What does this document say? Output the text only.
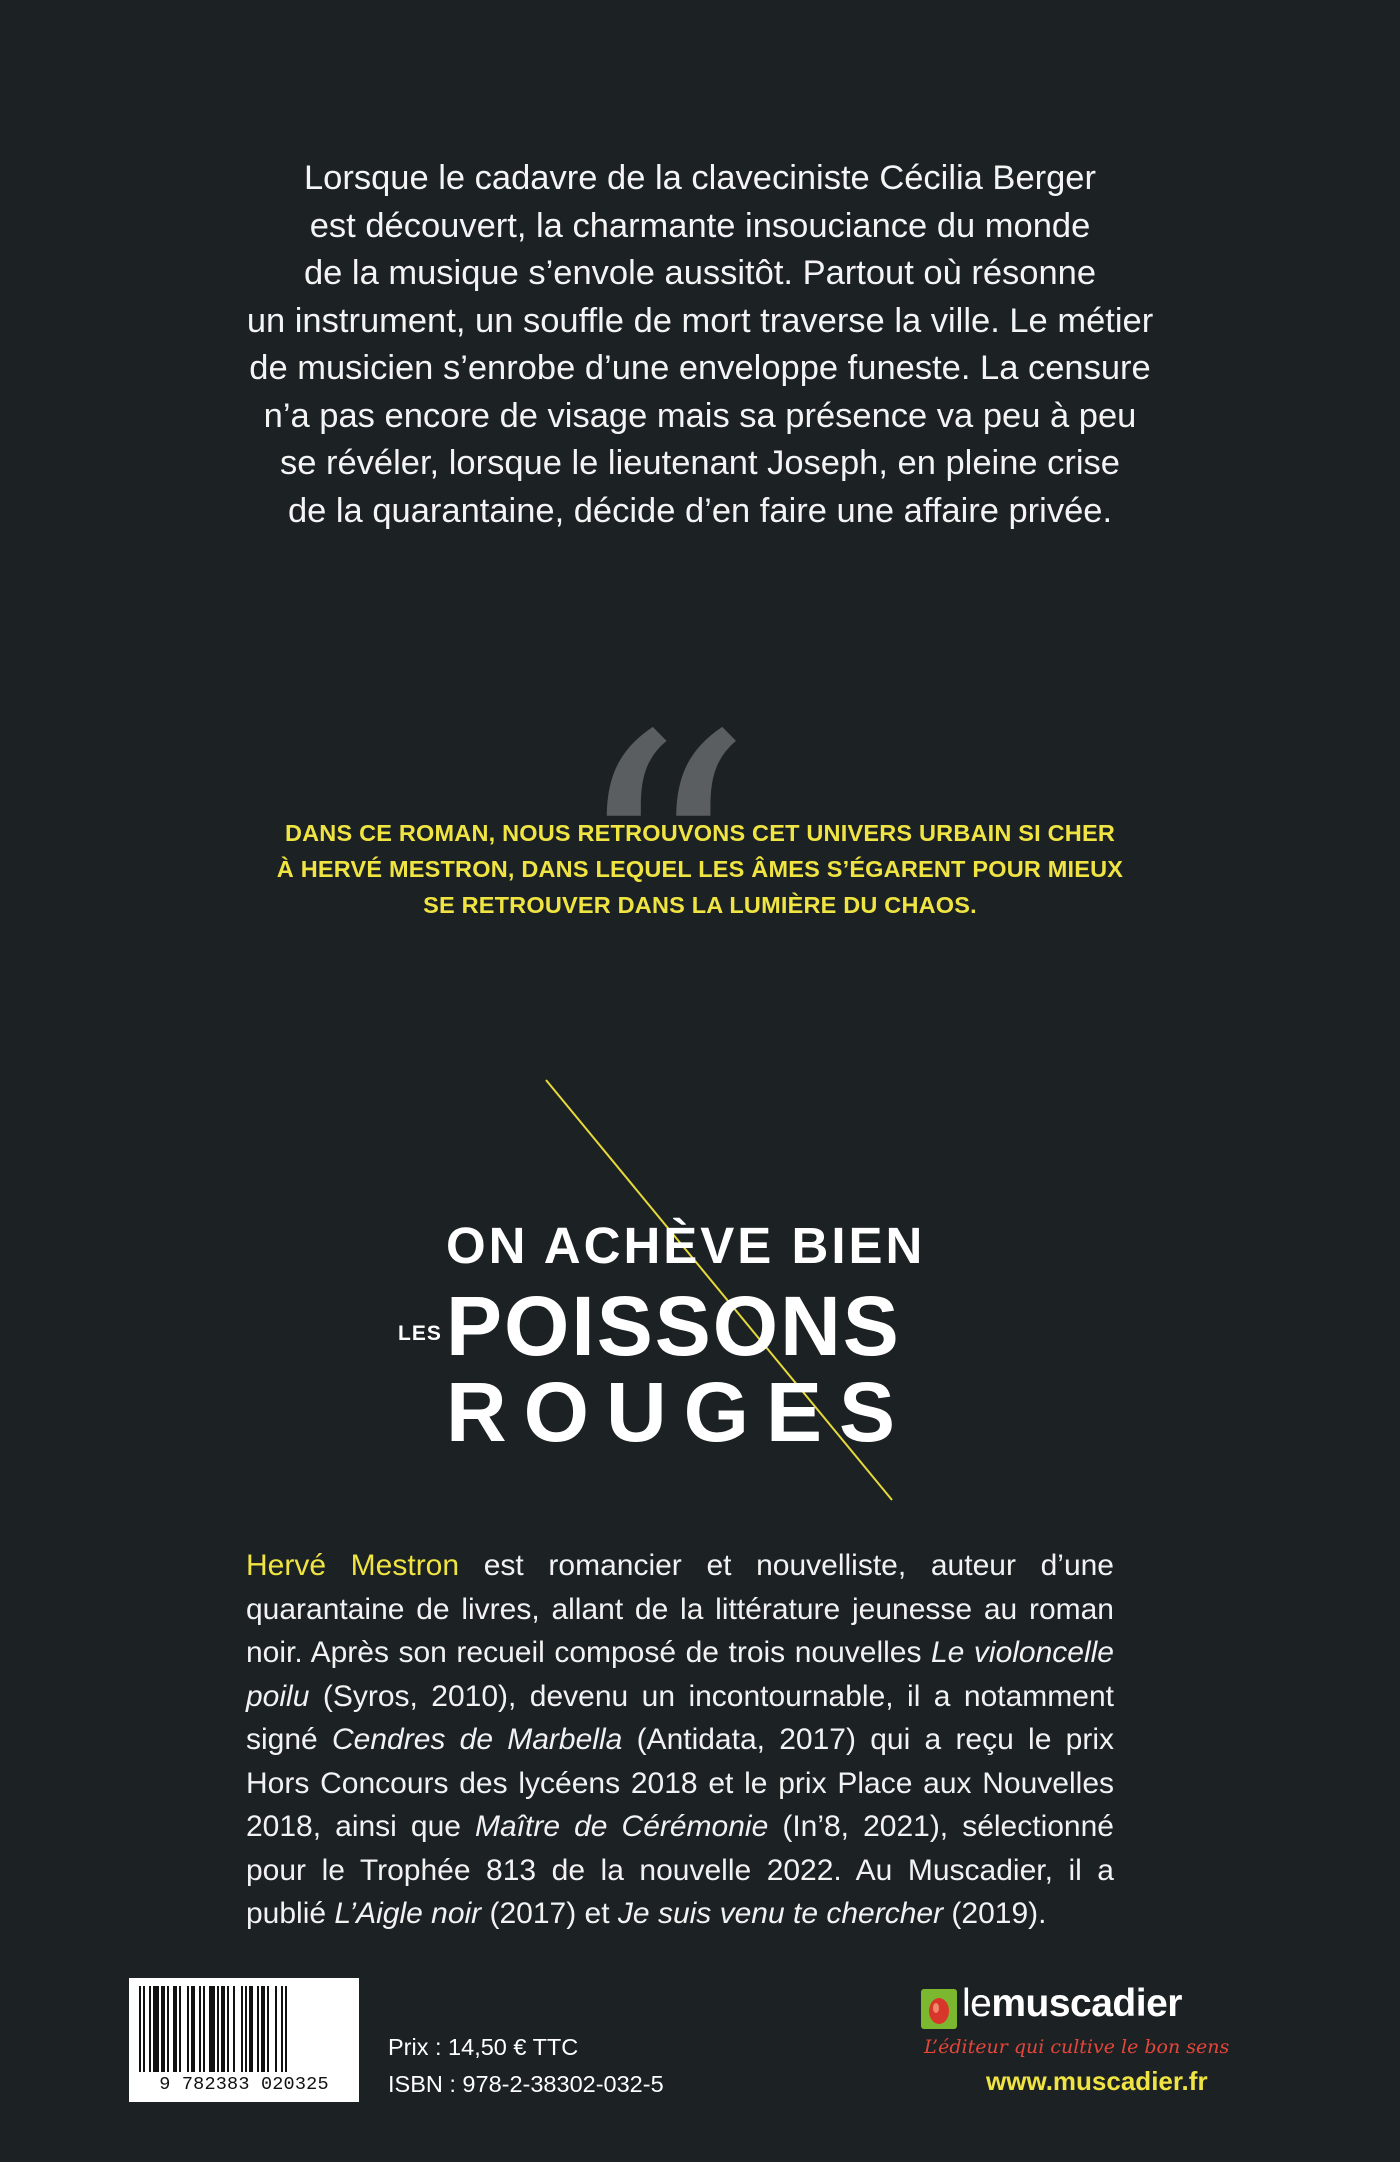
Lorsque le cadavre de la claveciniste Cécilia Berger
est découvert, la charmante insouciance du monde
de la musique s’envole aussitôt. Partout où résonne
un instrument, un souffle de mort traverse la ville. Le métier
de musicien s’enrobe d’une enveloppe funeste. La censure
n’a pas encore de visage mais sa présence va peu à peu
se révéler, lorsque le lieutenant Joseph, en pleine crise
de la quarantaine, décide d’en faire une affaire privée.
“
DANS CE ROMAN, NOUS RETROUVONS CET UNIVERS URBAIN SI CHER
À HERVÉ MESTRON, DANS LEQUEL LES ÂMES S’ÉGARENT POUR MIEUX
SE RETROUVER DANS LA LUMIÈRE DU CHAOS.
ON ACHÈVE BIEN
LES POISSONS
ROUGES
Hervé Mestron est romancier et nouvelliste, auteur d’une quarantaine de livres, allant de la littérature jeunesse au roman noir. Après son recueil composé de trois nouvelles Le violoncelle poilu (Syros, 2010), devenu un incontournable, il a notamment signé Cendres de Marbella (Antidata, 2017) qui a reçu le prix Hors Concours des lycéens 2018 et le prix Place aux Nouvelles 2018, ainsi que Maître de Cérémonie (In’8, 2021), sélectionné pour le Trophée 813 de la nouvelle 2022. Au Muscadier, il a publié L’Aigle noir (2017) et Je suis venu te chercher (2019).
9 782383 020325
Prix : 14,50 € TTC
ISBN : 978-2-38302-032-5
lemuscadier
L’éditeur qui cultive le bon sens
www.muscadier.fr
